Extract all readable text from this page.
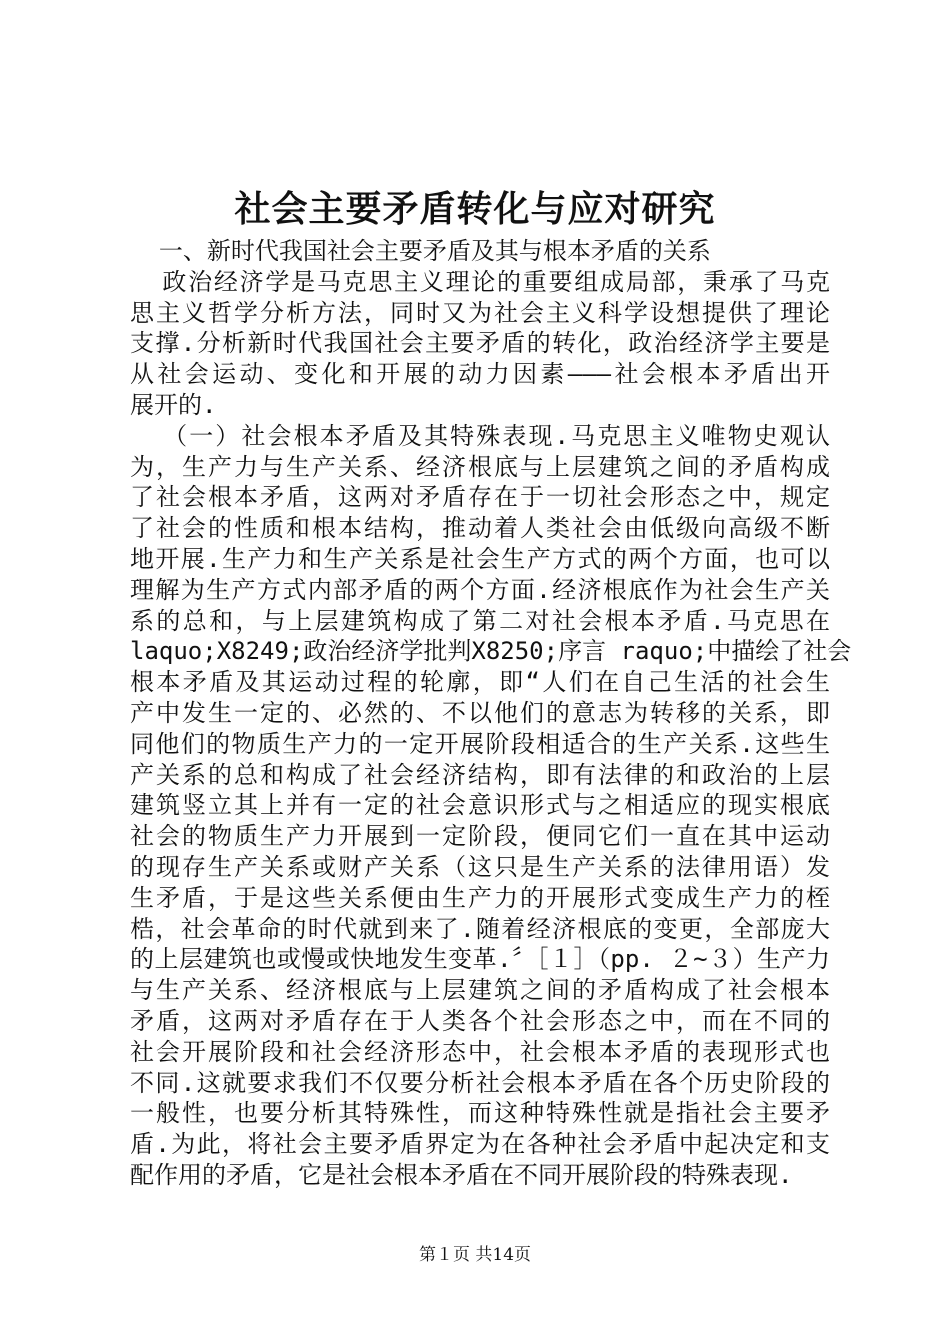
社会主要矛盾转化与应对研究
一、新时代我国社会主要矛盾及其与根本矛盾的关系
政治经济学是马克思主义理论的重要组成局部，秉承了马克
思主义哲学分析方法，同时又为社会主义科学设想提供了理论
支撑.分析新时代我国社会主要矛盾的转化，政治经济学主要是
从社会运动、变化和开展的动力因素———社会根本矛盾出开
展开的.
（一）社会根本矛盾及其特殊表现.马克思主义唯物史观认
为，生产力与生产关系、经济根底与上层建筑之间的矛盾构成
了社会根本矛盾，这两对矛盾存在于一切社会形态之中，规定
了社会的性质和根本结构，推动着人类社会由低级向高级不断
地开展.生产力和生产关系是社会生产方式的两个方面，也可以
理解为生产方式内部矛盾的两个方面.经济根底作为社会生产关
系的总和，与上层建筑构成了第二对社会根本矛盾.马克思在
laquo;X8249;政治经济学批判X8250;序言 raquo;中描绘了社会
根本矛盾及其运动过程的轮廓，即“人们在自己生活的社会生
产中发生一定的、必然的、不以他们的意志为转移的关系，即
同他们的物质生产力的一定开展阶段相适合的生产关系.这些生
产关系的总和构成了社会经济结构，即有法律的和政治的上层
建筑竖立其上并有一定的社会意识形式与之相适应的现实根底
社会的物质生产力开展到一定阶段，便同它们一直在其中运动
的现存生产关系或财产关系（这只是生产关系的法律用语）发
生矛盾，于是这些关系便由生产力的开展形式变成生产力的桎
梏，社会革命的时代就到来了.随着经济根底的变更，全部庞大
的上层建筑也或慢或快地发生变革.〞［１］（pp. ２~３）生产力
与生产关系、经济根底与上层建筑之间的矛盾构成了社会根本
矛盾，这两对矛盾存在于人类各个社会形态之中，而在不同的
社会开展阶段和社会经济形态中，社会根本矛盾的表现形式也
不同.这就要求我们不仅要分析社会根本矛盾在各个历史阶段的
一般性，也要分析其特殊性，而这种特殊性就是指社会主要矛
盾.为此，将社会主要矛盾界定为在各种社会矛盾中起决定和支
配作用的矛盾，它是社会根本矛盾在不同开展阶段的特殊表现.
第１页 共14页
